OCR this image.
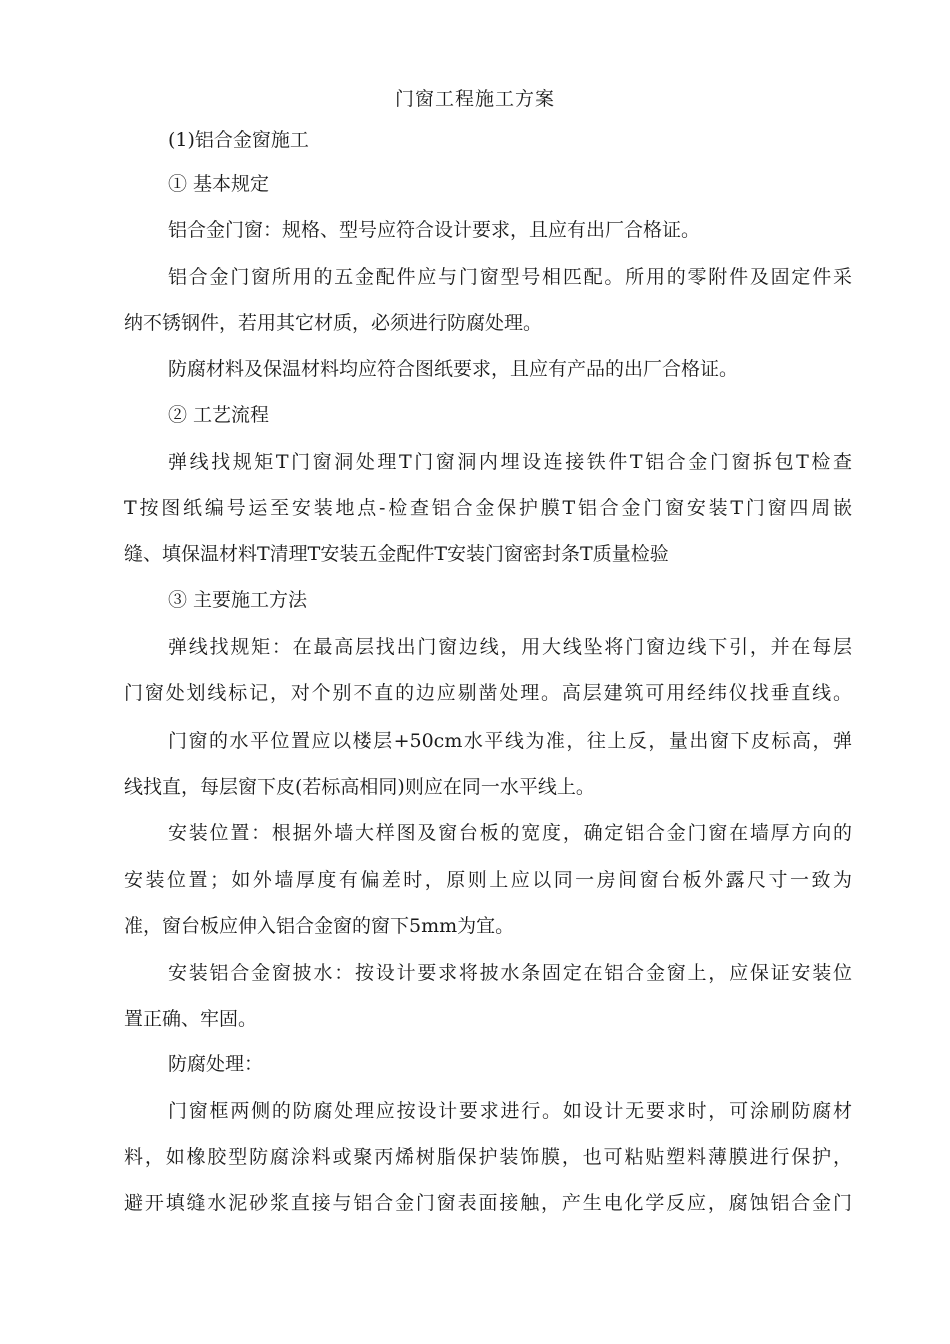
门窗工程施工方案
(1)铝合金窗施工
① 基本规定
铝合金门窗：规格、型号应符合设计要求，且应有出厂合格证。
铝合金门窗所用的五金配件应与门窗型号相匹配。所用的零附件及固定件采
纳不锈钢件，若用其它材质，必须进行防腐处理。
防腐材料及保温材料均应符合图纸要求，且应有产品的出厂合格证。
② 工艺流程
弹线找规矩T门窗洞处理T门窗洞内埋设连接铁件T铝合金门窗拆包T检查
T按图纸编号运至安装地点-检查铝合金保护膜T铝合金门窗安装T门窗四周嵌
缝、填保温材料T清理T安装五金配件T安装门窗密封条T质量检验
③ 主要施工方法
弹线找规矩：在最高层找出门窗边线，用大线坠将门窗边线下引，并在每层
门窗处划线标记，对个别不直的边应剔凿处理。高层建筑可用经纬仪找垂直线。
门窗的水平位置应以楼层+50cm水平线为准，往上反，量出窗下皮标高，弹
线找直，每层窗下皮(若标高相同)则应在同一水平线上。
安装位置：根据外墙大样图及窗台板的宽度，确定铝合金门窗在墙厚方向的
安装位置；如外墙厚度有偏差时，原则上应以同一房间窗台板外露尺寸一致为
准，窗台板应伸入铝合金窗的窗下5mm为宜。
安装铝合金窗披水：按设计要求将披水条固定在铝合金窗上，应保证安装位
置正确、牢固。
防腐处理：
门窗框两侧的防腐处理应按设计要求进行。如设计无要求时，可涂刷防腐材
料，如橡胶型防腐涂料或聚丙烯树脂保护装饰膜，也可粘贴塑料薄膜进行保护，
避开填缝水泥砂浆直接与铝合金门窗表面接触，产生电化学反应，腐蚀铝合金门
